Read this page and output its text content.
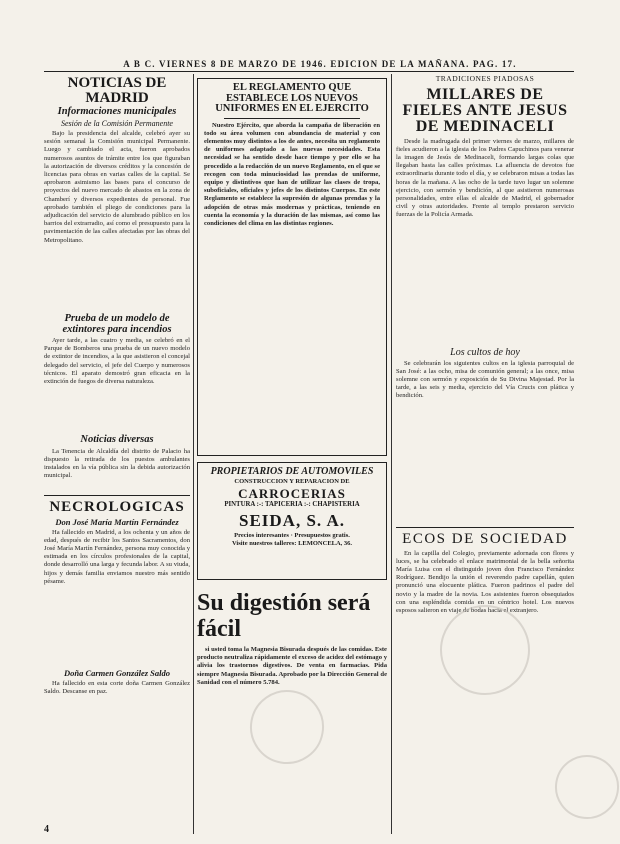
A B C. VIERNES 8 DE MARZO DE 1946. EDICION DE LA MAÑANA. PAG. 17.

NOTICIAS DE MADRID

Informaciones municipales

Sesión de la Comisión Permanente

Bajo la presidencia del alcalde, celebró ayer su sesión semanal la Comisión municipal Permanente. Luego y cambiado el acta, fueron aprobados numerosos asuntos de trámite entre los que figuraban la autorización de diversos créditos y la concesión de licencias para obras en varias calles de la capital. Se aprobaron asimismo las bases para el concurso de proyectos del nuevo mercado de abastos en la zona de Chamberí y diversos expedientes de personal. Fue aprobado también el pliego de condiciones para la adjudicación del servicio de alumbrado público en los barrios del extrarradio, así como el presupuesto para la pavimentación de las calles afectadas por las obras del Metropolitano.

Prueba de un modelo de extintores para incendios

Ayer tarde, a las cuatro y media, se celebró en el Parque de Bomberos una prueba de un nuevo modelo de extintor de incendios, a la que asistieron el concejal delegado del servicio, el jefe del Cuerpo y numerosos técnicos. El aparato demostró gran eficacia en la extinción de fuegos de diversa naturaleza.

Noticias diversas

La Tenencia de Alcaldía del distrito de Palacio ha dispuesto la retirada de los puestos ambulantes instalados en la vía pública sin la debida autorización municipal.

NECROLOGICAS

Don José María Martín Fernández

Ha fallecido en Madrid, a los ochenta y un años de edad, después de recibir los Santos Sacramentos, don José María Martín Fernández, persona muy conocida y estimada en los círculos profesionales de la capital, donde desarrolló una larga y fecunda labor. A su viuda, hijos y demás familia enviamos nuestro más sentido pésame.

Doña Carmen González Saldo

Ha fallecido en esta corte doña Carmen González Saldo. Descanse en paz.

EL REGLAMENTO QUE ESTABLECE LOS NUEVOS UNIFORMES EN EL EJERCITO

Nuestro Ejército, que aborda la campaña de liberación en todo su área volumen con abundancia de material y con elementos muy distintos a los de antes, necesita un reglamento de uniformes adaptado a las nuevas necesidades. Esta necesidad se ha sentido desde hace tiempo y por ello se ha procedido a la redacción de un nuevo Reglamento, en el que se recogen con toda minuciosidad las prendas de uniforme, equipo y distintivos que han de utilizar las clases de tropa, suboficiales, oficiales y jefes de los distintos Cuerpos. En este Reglamento se establece la supresión de algunas prendas y la adopción de otras más modernas y prácticas, teniendo en cuenta la economía y la duración de las mismas, así como las condiciones del clima en las distintas regiones.

PROPIETARIOS DE AUTOMOVILES

CONSTRUCCION Y REPARACION DE

CARROCERIAS

PINTURA :-: TAPICERIA :-: CHAPISTERIA

SEIDA, S. A.

Precios interesantes · Presupuestos gratis.

Visite nuestros talleres: LEMONCELA, 36.

Su digestión será fácil

si usted toma la Magnesia Bisurada después de las comidas. Este producto neutraliza rápidamente el exceso de acidez del estómago y alivia los trastornos digestivos. De venta en farmacias. Pida siempre Magnesia Bisurada. Aprobado por la Dirección General de Sanidad con el número 5.784.

TRADICIONES PIADOSAS

MILLARES DE FIELES ANTE JESUS DE MEDINACELI

Desde la madrugada del primer viernes de marzo, millares de fieles acudieron a la iglesia de los Padres Capuchinos para venerar la imagen de Jesús de Medinaceli, formando largas colas que llegaban hasta las calles próximas. La afluencia de devotos fue extraordinaria durante todo el día, y se celebraron misas a todas las horas de la mañana. A las ocho de la tarde tuvo lugar un solemne ejercicio, con sermón y bendición, al que asistieron numerosas personalidades, entre ellas el alcalde de Madrid, el gobernador civil y otras autoridades. Frente al templo prestaron servicio fuerzas de la Policía Armada.

Los cultos de hoy

Se celebrarán los siguientes cultos en la iglesia parroquial de San José: a las ocho, misa de comunión general; a las once, misa solemne con sermón y exposición de Su Divina Majestad. Por la tarde, a las seis y media, ejercicio del Vía Crucis con plática y bendición.

ECOS DE SOCIEDAD

En la capilla del Colegio, previamente adornada con flores y luces, se ha celebrado el enlace matrimonial de la bella señorita María Luisa con el distinguido joven don Francisco Fernández Rodríguez. Bendijo la unión el reverendo padre capellán, quien pronunció una elocuente plática. Fueron padrinos el padre del novio y la madre de la novia. Los asistentes fueron obsequiados con una espléndida comida en un céntrico hotel. Los nuevos esposos salieron en viaje de bodas hacia el extranjero.

4
